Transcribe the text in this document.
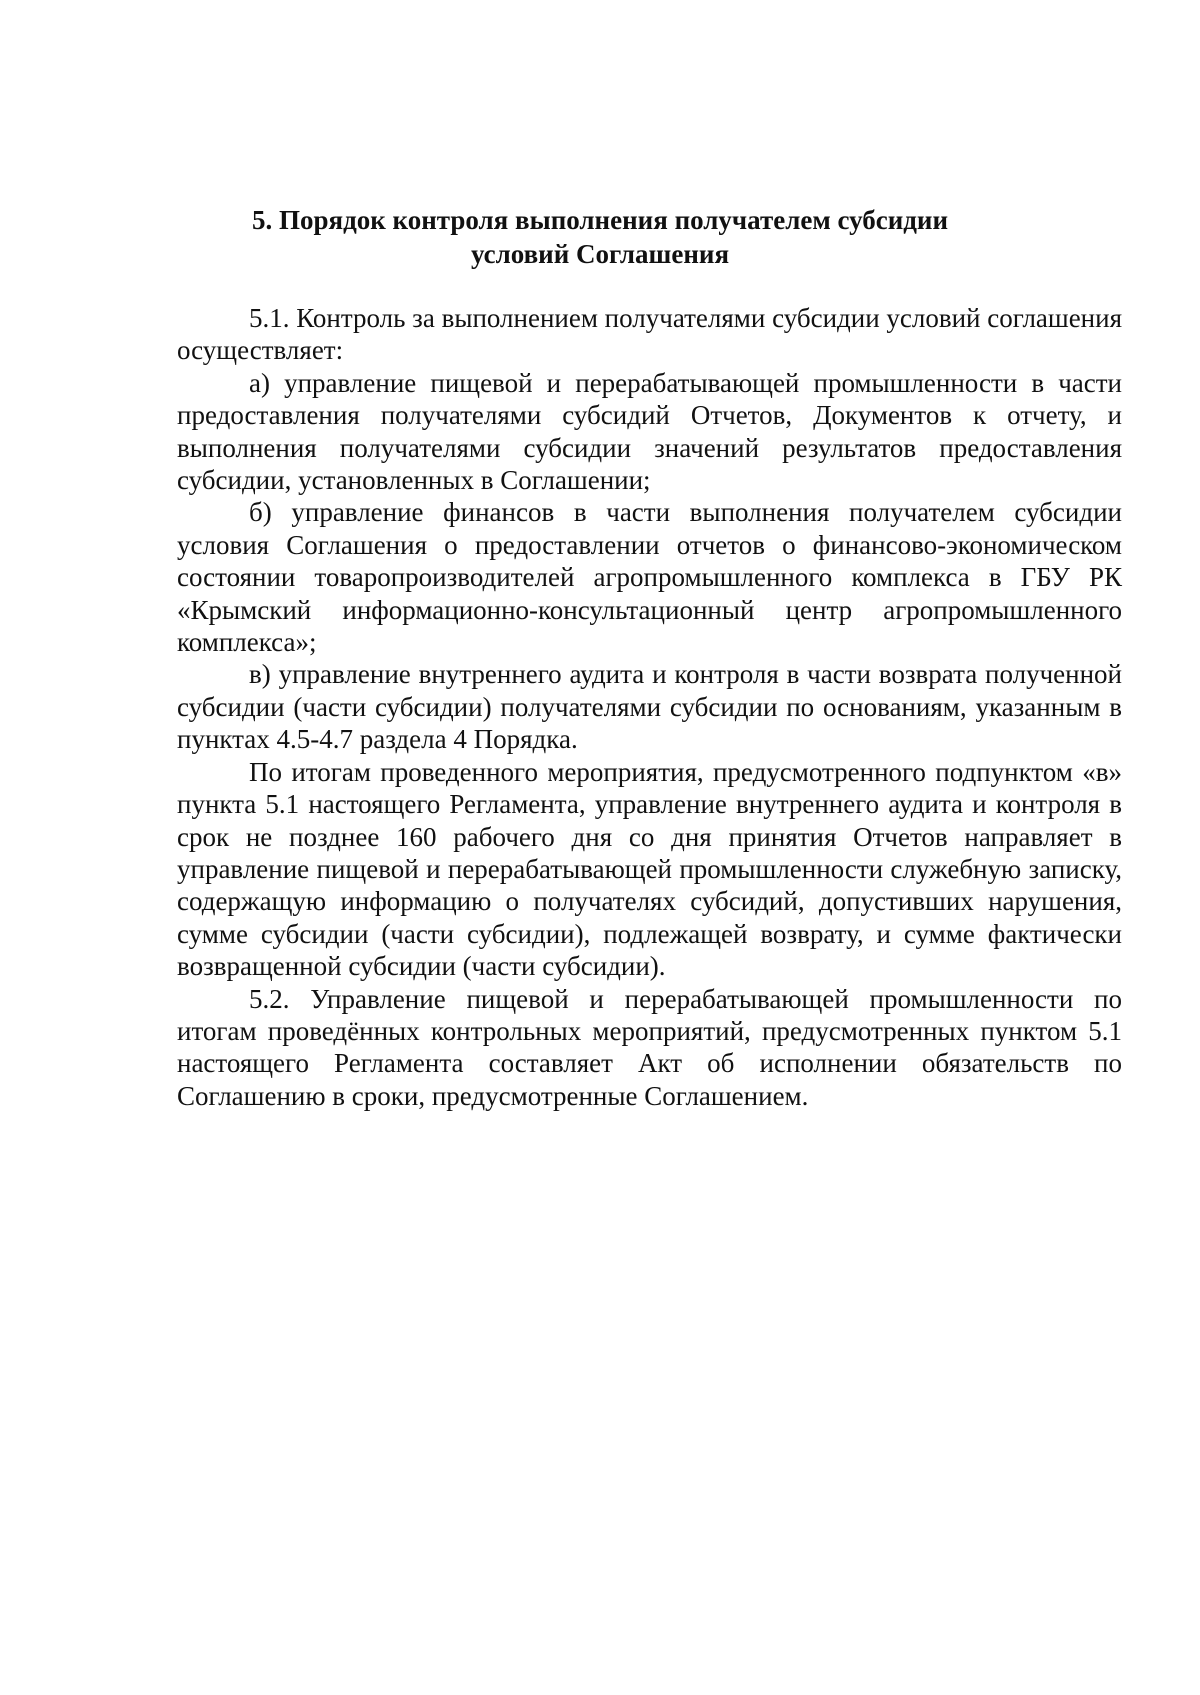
5. Порядок контроля выполнения получателем субсидии
условий Соглашения

5.1. Контроль за выполнением получателями субсидии условий соглашения осуществляет:

а) управление пищевой и перерабатывающей промышленности в части предоставления получателями субсидий Отчетов, Документов к отчету, и выполнения получателями субсидии значений результатов предоставления субсидии, установленных в Соглашении;

б) управление финансов в части выполнения получателем субсидии условия Соглашения о предоставлении отчетов о финансово-экономическом состоянии товаропроизводителей агропромышленного комплекса в ГБУ РК «Крымский информационно-консультационный центр агропромышленного комплекса»;

в) управление внутреннего аудита и контроля в части возврата полученной субсидии (части субсидии) получателями субсидии по основаниям, указанным в пунктах 4.5-4.7 раздела 4 Порядка.

По итогам проведенного мероприятия, предусмотренного подпунктом «в» пункта 5.1 настоящего Регламента, управление внутреннего аудита и контроля в срок не позднее 160 рабочего дня со дня принятия Отчетов направляет в управление пищевой и перерабатывающей промышленности служебную записку, содержащую информацию о получателях субсидий, допустивших нарушения, сумме субсидии (части субсидии), подлежащей возврату, и сумме фактически возвращенной субсидии (части субсидии).

5.2. Управление пищевой и перерабатывающей промышленности по итогам проведённых контрольных мероприятий, предусмотренных пунктом 5.1 настоящего Регламента составляет Акт об исполнении обязательств по Соглашению в сроки, предусмотренные Соглашением.
